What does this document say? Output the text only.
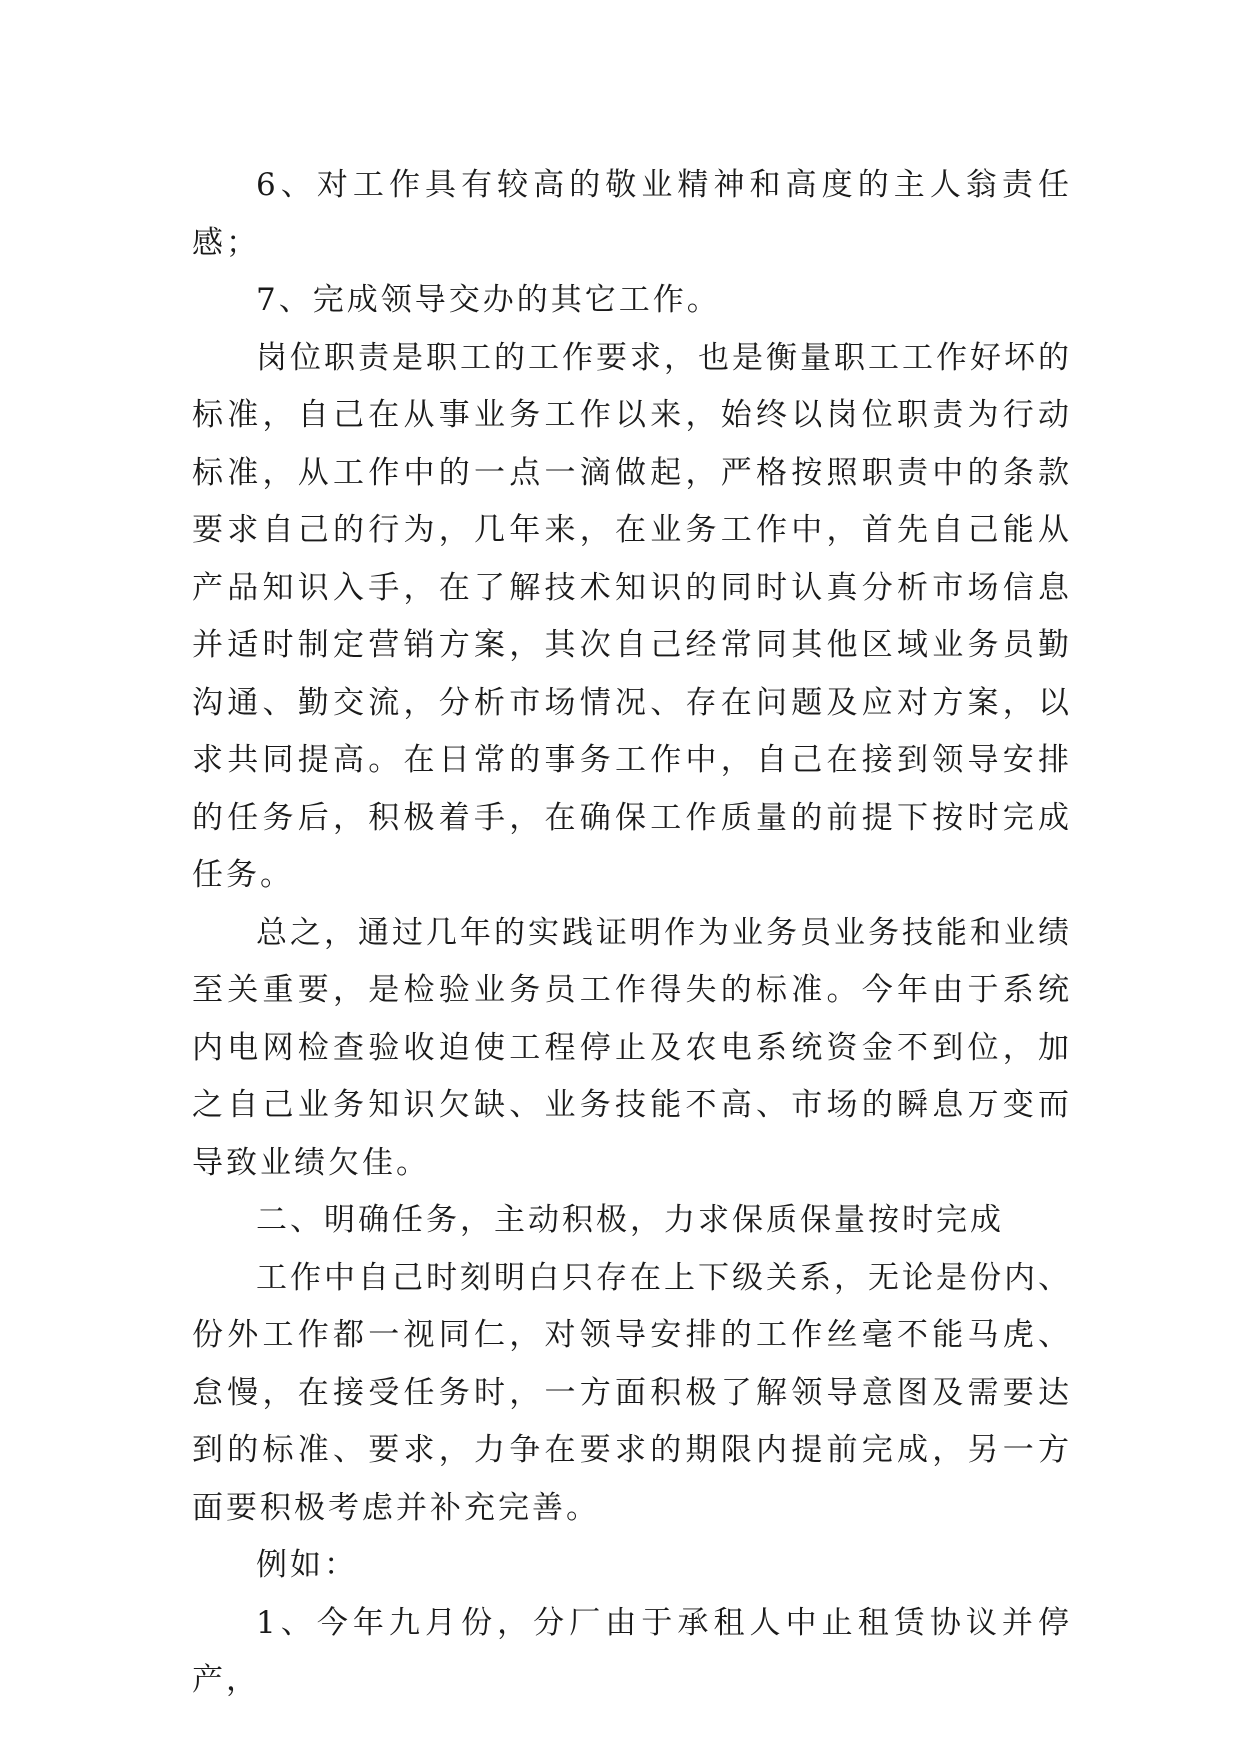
6、对工作具有较高的敬业精神和高度的主人翁责任感；

7、完成领导交办的其它工作。

岗位职责是职工的工作要求，也是衡量职工工作好坏的标准，自己在从事业务工作以来，始终以岗位职责为行动标准，从工作中的一点一滴做起，严格按照职责中的条款要求自己的行为，几年来，在业务工作中，首先自己能从产品知识入手，在了解技术知识的同时认真分析市场信息并适时制定营销方案，其次自己经常同其他区域业务员勤沟通、勤交流，分析市场情况、存在问题及应对方案，以求共同提高。在日常的事务工作中，自己在接到领导安排的任务后，积极着手，在确保工作质量的前提下按时完成任务。

总之，通过几年的实践证明作为业务员业务技能和业绩至关重要，是检验业务员工作得失的标准。今年由于系统内电网检查验收迫使工程停止及农电系统资金不到位，加之自己业务知识欠缺、业务技能不高、市场的瞬息万变而导致业绩欠佳。

二、明确任务，主动积极，力求保质保量按时完成

工作中自己时刻明白只存在上下级关系，无论是份内、份外工作都一视同仁，对领导安排的工作丝毫不能马虎、怠慢，在接受任务时，一方面积极了解领导意图及需要达到的标准、要求，力争在要求的期限内提前完成，另一方面要积极考虑并补充完善。

例如：

1、今年九月份，分厂由于承租人中止租赁协议并停产，
